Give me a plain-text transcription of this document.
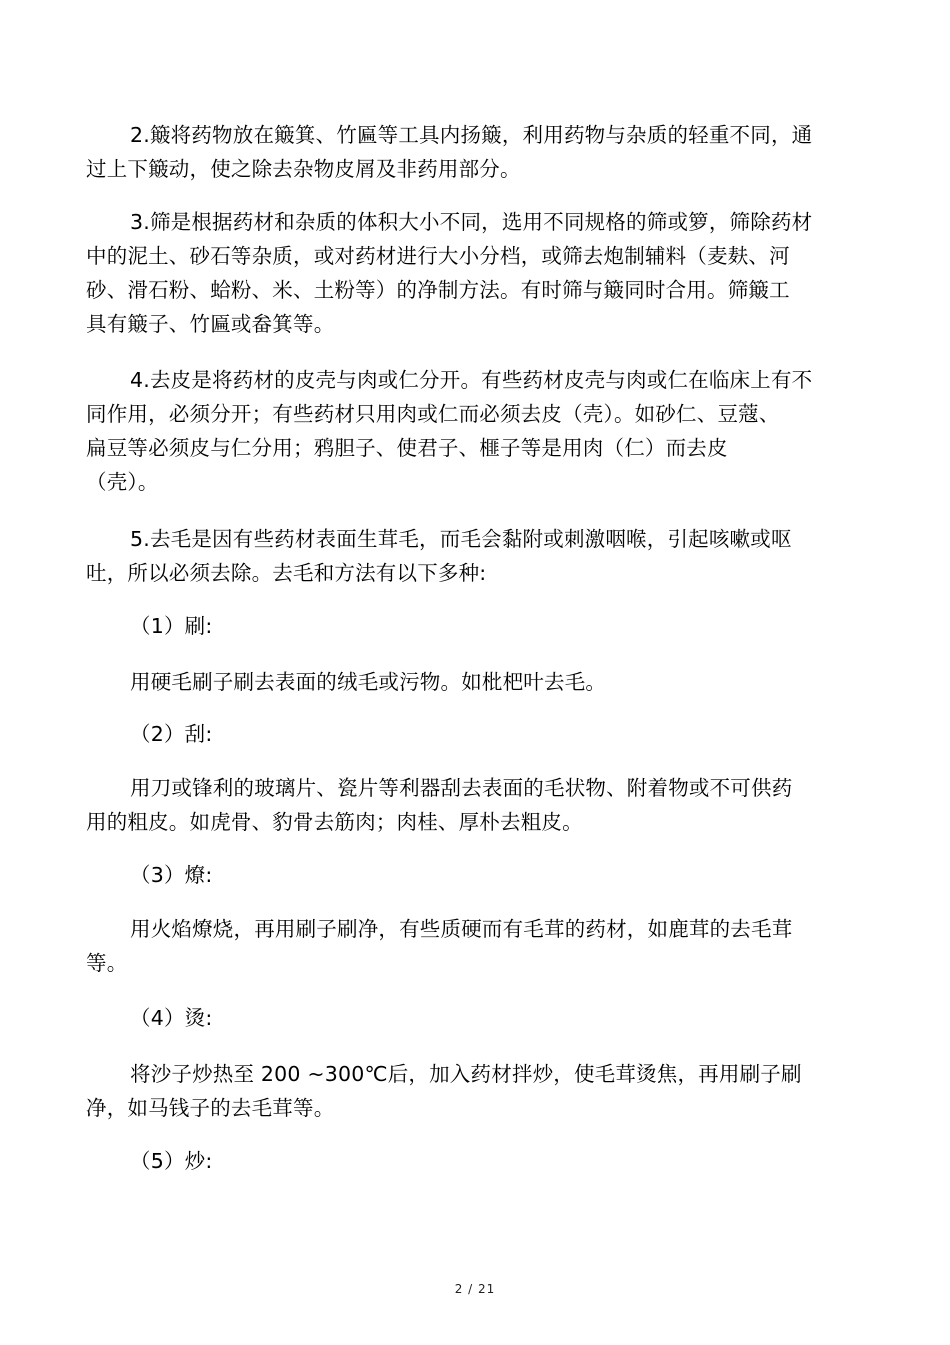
2.簸将药物放在簸箕、竹匾等工具内扬簸，利用药物与杂质的轻重不同，通
过上下簸动，使之除去杂物皮屑及非药用部分。
3.筛是根据药材和杂质的体积大小不同，选用不同规格的筛或箩，筛除药材
中的泥土、砂石等杂质，或对药材进行大小分档，或筛去炮制辅料（麦麸、河
砂、滑石粉、蛤粉、米、土粉等）的净制方法。有时筛与簸同时合用。筛簸工
具有簸子、竹匾或畚箕等。
4.去皮是将药材的皮壳与肉或仁分开。有些药材皮壳与肉或仁在临床上有不
同作用，必须分开；有些药材只用肉或仁而必须去皮（壳）。如砂仁、豆蔻、
扁豆等必须皮与仁分用；鸦胆子、使君子、榧子等是用肉（仁）而去皮
（壳）。
5.去毛是因有些药材表面生茸毛，而毛会黏附或刺激咽喉，引起咳嗽或呕
吐，所以必须去除。去毛和方法有以下多种:
（1）刷:
用硬毛刷子刷去表面的绒毛或污物。如枇杷叶去毛。
（2）刮:
用刀或锋利的玻璃片、瓷片等利器刮去表面的毛状物、附着物或不可供药
用的粗皮。如虎骨、豹骨去筋肉；肉桂、厚朴去粗皮。
（3）燎:
用火焰燎烧，再用刷子刷净，有些质硬而有毛茸的药材，如鹿茸的去毛茸
等。
（4）烫:
将沙子炒热至 200 ~300℃后，加入药材拌炒，使毛茸烫焦，再用刷子刷
净，如马钱子的去毛茸等。
（5）炒:
2 / 21
